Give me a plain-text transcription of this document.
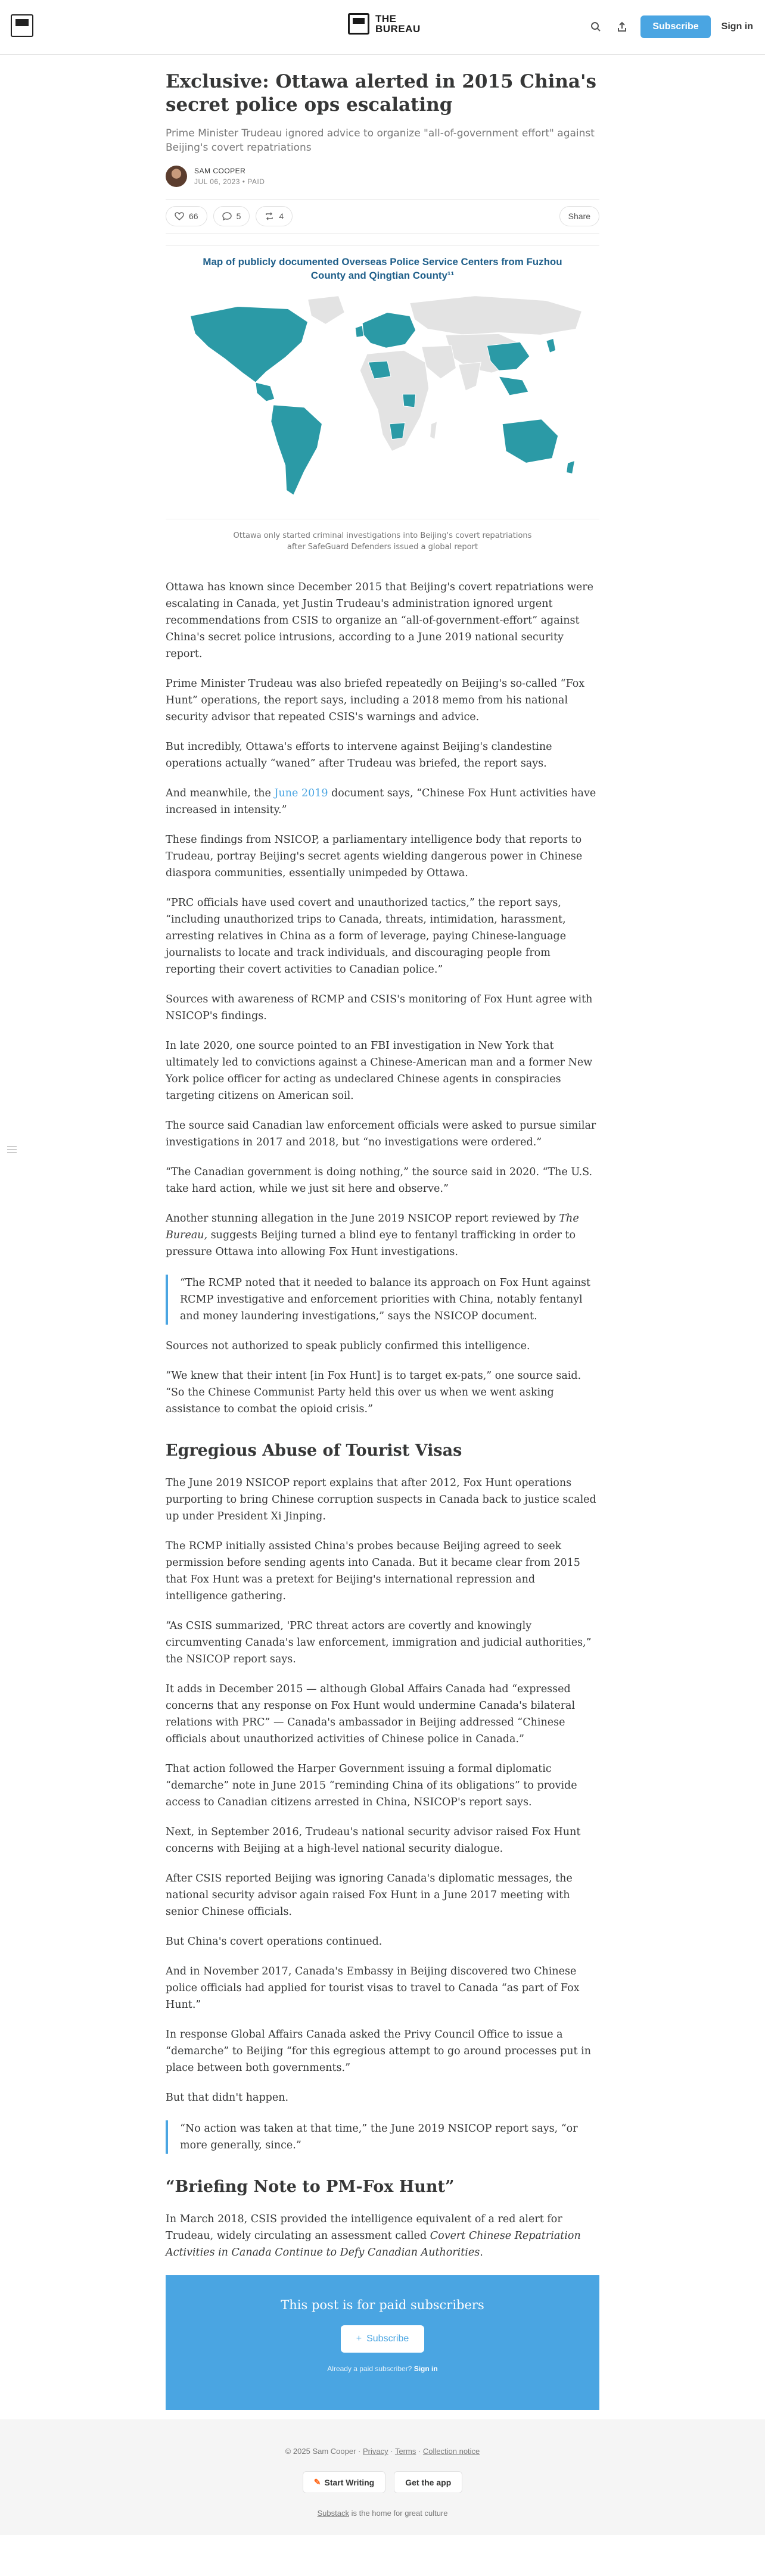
THE
BUREAU	Subscribe	Sign in
Exclusive: Ottawa alerted in 2015 China's secret police ops escalating
Prime Minister Trudeau ignored advice to organize "all-of-government effort" against Beijing's covert repatriations
SAM COOPER
JUL 06, 2023 • PAID
66	5	4	Share
Map of publicly documented Overseas Police Service Centers from Fuzhou
County and Qingtian County¹¹
Ottawa only started criminal investigations into Beijing's covert repatriations
after SafeGuard Defenders issued a global report

Ottawa has known since December 2015 that Beijing's covert repatriations were escalating in Canada, yet Justin Trudeau's administration ignored urgent recommendations from CSIS to organize an “all-of-government-effort” against China's secret police intrusions, according to a June 2019 national security report.

Prime Minister Trudeau was also briefed repeatedly on Beijing's so-called “Fox Hunt” operations, the report says, including a 2018 memo from his national security advisor that repeated CSIS's warnings and advice.

But incredibly, Ottawa's efforts to intervene against Beijing's clandestine operations actually “waned” after Trudeau was briefed, the report says.

And meanwhile, the June 2019 document says, “Chinese Fox Hunt activities have increased in intensity.”

These findings from NSICOP, a parliamentary intelligence body that reports to Trudeau, portray Beijing's secret agents wielding dangerous power in Chinese diaspora communities, essentially unimpeded by Ottawa.

“PRC officials have used covert and unauthorized tactics,” the report says, “including unauthorized trips to Canada, threats, intimidation, harassment, arresting relatives in China as a form of leverage, paying Chinese-language journalists to locate and track individuals, and discouraging people from reporting their covert activities to Canadian police.”

Sources with awareness of RCMP and CSIS's monitoring of Fox Hunt agree with NSICOP's findings.

In late 2020, one source pointed to an FBI investigation in New York that ultimately led to convictions against a Chinese-American man and a former New York police officer for acting as undeclared Chinese agents in conspiracies targeting citizens on American soil.

The source said Canadian law enforcement officials were asked to pursue similar investigations in 2017 and 2018, but “no investigations were ordered.”

“The Canadian government is doing nothing,” the source said in 2020. “The U.S. take hard action, while we just sit here and observe.”

Another stunning allegation in the June 2019 NSICOP report reviewed by The Bureau, suggests Beijing turned a blind eye to fentanyl trafficking in order to pressure Ottawa into allowing Fox Hunt investigations.

“The RCMP noted that it needed to balance its approach on Fox Hunt against RCMP investigative and enforcement priorities with China, notably fentanyl and money laundering investigations,” says the NSICOP document.

Sources not authorized to speak publicly confirmed this intelligence.

“We knew that their intent [in Fox Hunt] is to target ex-pats,” one source said. “So the Chinese Communist Party held this over us when we went asking assistance to combat the opioid crisis.”

Egregious Abuse of Tourist Visas

The June 2019 NSICOP report explains that after 2012, Fox Hunt operations purporting to bring Chinese corruption suspects in Canada back to justice scaled up under President Xi Jinping.

The RCMP initially assisted China's probes because Beijing agreed to seek permission before sending agents into Canada. But it became clear from 2015 that Fox Hunt was a pretext for Beijing's international repression and intelligence gathering.

“As CSIS summarized, 'PRC threat actors are covertly and knowingly circumventing Canada's law enforcement, immigration and judicial authorities,” the NSICOP report says.

It adds in December 2015 — although Global Affairs Canada had “expressed concerns that any response on Fox Hunt would undermine Canada's bilateral relations with PRC” — Canada's ambassador in Beijing addressed “Chinese officials about unauthorized activities of Chinese police in Canada.”

That action followed the Harper Government issuing a formal diplomatic “demarche” note in June 2015 “reminding China of its obligations” to provide access to Canadian citizens arrested in China, NSICOP's report says.

Next, in September 2016, Trudeau's national security advisor raised Fox Hunt concerns with Beijing at a high-level national security dialogue.

After CSIS reported Beijing was ignoring Canada's diplomatic messages, the national security advisor again raised Fox Hunt in a June 2017 meeting with senior Chinese officials.

But China's covert operations continued.

And in November 2017, Canada's Embassy in Beijing discovered two Chinese police officials had applied for tourist visas to travel to Canada “as part of Fox Hunt.”

In response Global Affairs Canada asked the Privy Council Office to issue a “demarche” to Beijing “for this egregious attempt to go around processes put in place between both governments.”

But that didn't happen.

“No action was taken at that time,” the June 2019 NSICOP report says, “or more generally, since.”

“Briefing Note to PM-Fox Hunt”

In March 2018, CSIS provided the intelligence equivalent of a red alert for Trudeau, widely circulating an assessment called Covert Chinese Repatriation Activities in Canada Continue to Defy Canadian Authorities.

This post is for paid subscribers
+ Subscribe
Already a paid subscriber? Sign in
© 2025 Sam Cooper · Privacy · Terms · Collection notice
✎ Start Writing	Get the app
Substack is the home for great culture
